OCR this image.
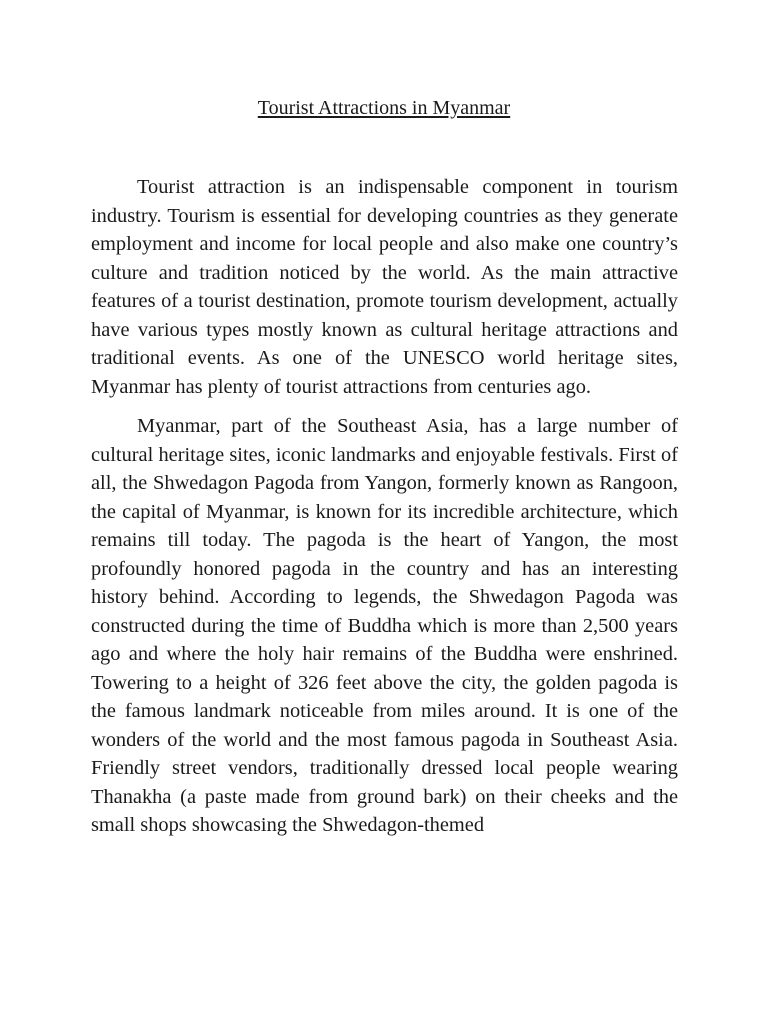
Tourist Attractions in Myanmar

Tourist attraction is an indispensable component in tourism industry. Tourism is essential for developing countries as they generate employment and income for local people and also make one country’s culture and tradition noticed by the world. As the main attractive features of a tourist destination, promote tourism development, actually have various types mostly known as cultural heritage attractions and traditional events. As one of the UNESCO world heritage sites, Myanmar has plenty of tourist attractions from centuries ago.

Myanmar, part of the Southeast Asia, has a large number of cultural heritage sites, iconic landmarks and enjoyable festivals. First of all, the Shwedagon Pagoda from Yangon, formerly known as Rangoon, the capital of Myanmar, is known for its incredible architecture, which remains till today. The pagoda is the heart of Yangon, the most profoundly honored pagoda in the country and has an interesting history behind. According to legends, the Shwedagon Pagoda was constructed during the time of Buddha which is more than 2,500 years ago and where the holy hair remains of the Buddha were enshrined. Towering to a height of 326 feet above the city, the golden pagoda is the famous landmark noticeable from miles around. It is one of the wonders of the world and the most famous pagoda in Southeast Asia. Friendly street vendors, traditionally dressed local people wearing Thanakha (a paste made from ground bark) on their cheeks and the small shops showcasing the Shwedagon-themed
